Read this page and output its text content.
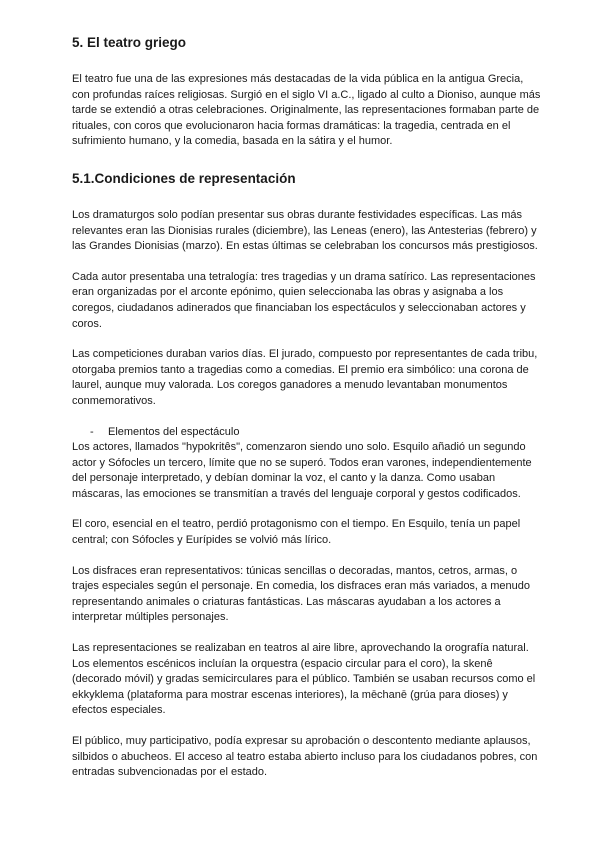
5. El teatro griego

El teatro fue una de las expresiones más destacadas de la vida pública en la antigua Grecia, con profundas raíces religiosas. Surgió en el siglo VI a.C., ligado al culto a Dioniso, aunque más tarde se extendió a otras celebraciones. Originalmente, las representaciones formaban parte de rituales, con coros que evolucionaron hacia formas dramáticas: la tragedia, centrada en el sufrimiento humano, y la comedia, basada en la sátira y el humor.

5.1.Condiciones de representación

Los dramaturgos solo podían presentar sus obras durante festividades específicas. Las más relevantes eran las Dionisias rurales (diciembre), las Leneas (enero), las Antesterias (febrero) y las Grandes Dionisias (marzo). En estas últimas se celebraban los concursos más prestigiosos.

Cada autor presentaba una tetralogía: tres tragedias y un drama satírico. Las representaciones eran organizadas por el arconte epónimo, quien seleccionaba las obras y asignaba a los coregos, ciudadanos adinerados que financiaban los espectáculos y seleccionaban actores y coros.

Las competiciones duraban varios días. El jurado, compuesto por representantes de cada tribu, otorgaba premios tanto a tragedias como a comedias. El premio era simbólico: una corona de laurel, aunque muy valorada. Los coregos ganadores a menudo levantaban monumentos conmemorativos.

-	Elementos del espectáculo

Los actores, llamados "hypokritês", comenzaron siendo uno solo. Esquilo añadió un segundo actor y Sófocles un tercero, límite que no se superó. Todos eran varones, independientemente del personaje interpretado, y debían dominar la voz, el canto y la danza. Como usaban máscaras, las emociones se transmitían a través del lenguaje corporal y gestos codificados.

El coro, esencial en el teatro, perdió protagonismo con el tiempo. En Esquilo, tenía un papel central; con Sófocles y Eurípides se volvió más lírico.

Los disfraces eran representativos: túnicas sencillas o decoradas, mantos, cetros, armas, o trajes especiales según el personaje. En comedia, los disfraces eran más variados, a menudo representando animales o criaturas fantásticas. Las máscaras ayudaban a los actores a interpretar múltiples personajes.

Las representaciones se realizaban en teatros al aire libre, aprovechando la orografía natural. Los elementos escénicos incluían la orquestra (espacio circular para el coro), la skenê (decorado móvil) y gradas semicirculares para el público. También se usaban recursos como el ekkyklema (plataforma para mostrar escenas interiores), la mēchanē (grúa para dioses) y efectos especiales.

El público, muy participativo, podía expresar su aprobación o descontento mediante aplausos, silbidos o abucheos. El acceso al teatro estaba abierto incluso para los ciudadanos pobres, con entradas subvencionadas por el estado.
